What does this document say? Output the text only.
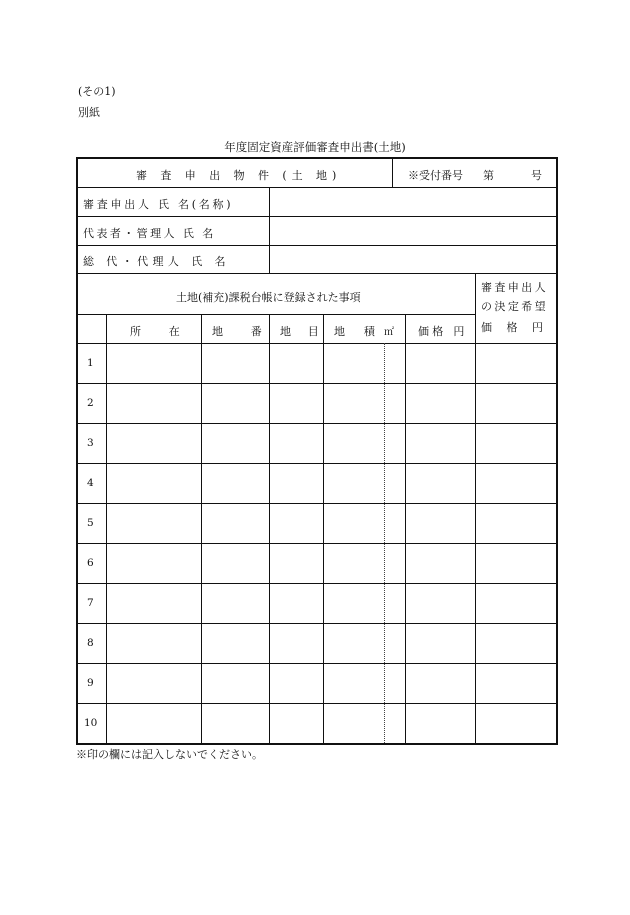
(その1)
別紙
年度固定資産評価審査申出書(土地)
審 査 申 出 物 件 (土 地)	※受付番号 第	号
審査申出人 氏 名(名称)
代表者・管理人 氏 名
総 代・代理人 氏 名
土地(補充)課税台帳に登録された事項
審査申出人
の決定希望
価 格 円
所 在 地 番 地 目 地 積 ㎡ 価格 円
1
2
3
4
5
6
7
8
9
10
※印の欄には記入しないでください。
